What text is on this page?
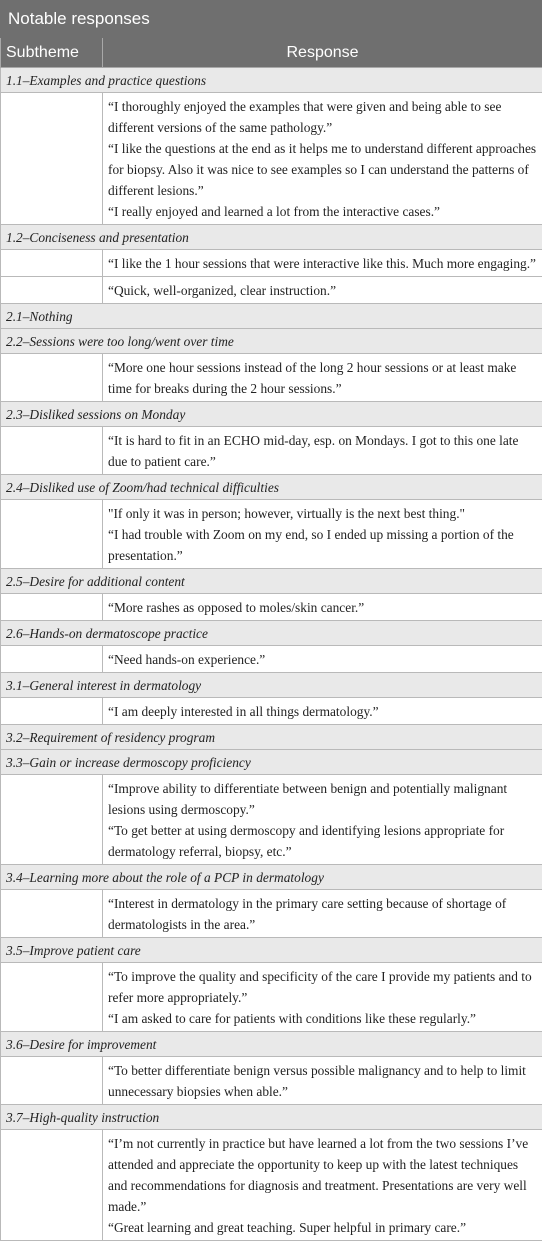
Notable responses	
Subtheme	Response
1.1–Examples and practice questions	

	“I thoroughly enjoyed the examples that were given and being able to see different versions of the same pathology.”
“I like the questions at the end as it helps me to understand different approaches for biopsy. Also it was nice to see examples so I can understand the patterns of different lesions.”
“I really enjoyed and learned a lot from the interactive cases.”

1.2–Conciseness and presentation	

	“I like the 1 hour sessions that were interactive like this. Much more engaging.”

	“Quick, well-organized, clear instruction.”

2.1–Nothing	
2.2–Sessions were too long/went over time	

	“More one hour sessions instead of the long 2 hour sessions or at least make time for breaks during the 2 hour sessions.”

2.3–Disliked sessions on Monday	

	“It is hard to fit in an ECHO mid-day, esp. on Mondays. I got to this one late due to patient care.”

2.4–Disliked use of Zoom/had technical difficulties	

	"If only it was in person; however, virtually is the next best thing."
“I had trouble with Zoom on my end, so I ended up missing a portion of the presentation.”

2.5–Desire for additional content	

	“More rashes as opposed to moles/skin cancer.”

2.6–Hands-on dermatoscope practice	

	“Need hands-on experience.”

3.1–General interest in dermatology	

	“I am deeply interested in all things dermatology.”

3.2–Requirement of residency program	
3.3–Gain or increase dermoscopy proficiency	

	“Improve ability to differentiate between benign and potentially malignant lesions using dermoscopy.”
“To get better at using dermoscopy and identifying lesions appropriate for dermatology referral, biopsy, etc.”

3.4–Learning more about the role of a PCP in dermatology	

	“Interest in dermatology in the primary care setting because of shortage of dermatologists in the area.”

3.5–Improve patient care	

	“To improve the quality and specificity of the care I provide my patients and to refer more appropriately.”
“I am asked to care for patients with conditions like these regularly.”

3.6–Desire for improvement	

	“To better differentiate benign versus possible malignancy and to help to limit unnecessary biopsies when able.”

3.7–High-quality instruction	

	“I’m not currently in practice but have learned a lot from the two sessions I’ve attended and appreciate the opportunity to keep up with the latest techniques and recommendations for diagnosis and treatment. Presentations are very well made.”
“Great learning and great teaching. Super helpful in primary care.”
